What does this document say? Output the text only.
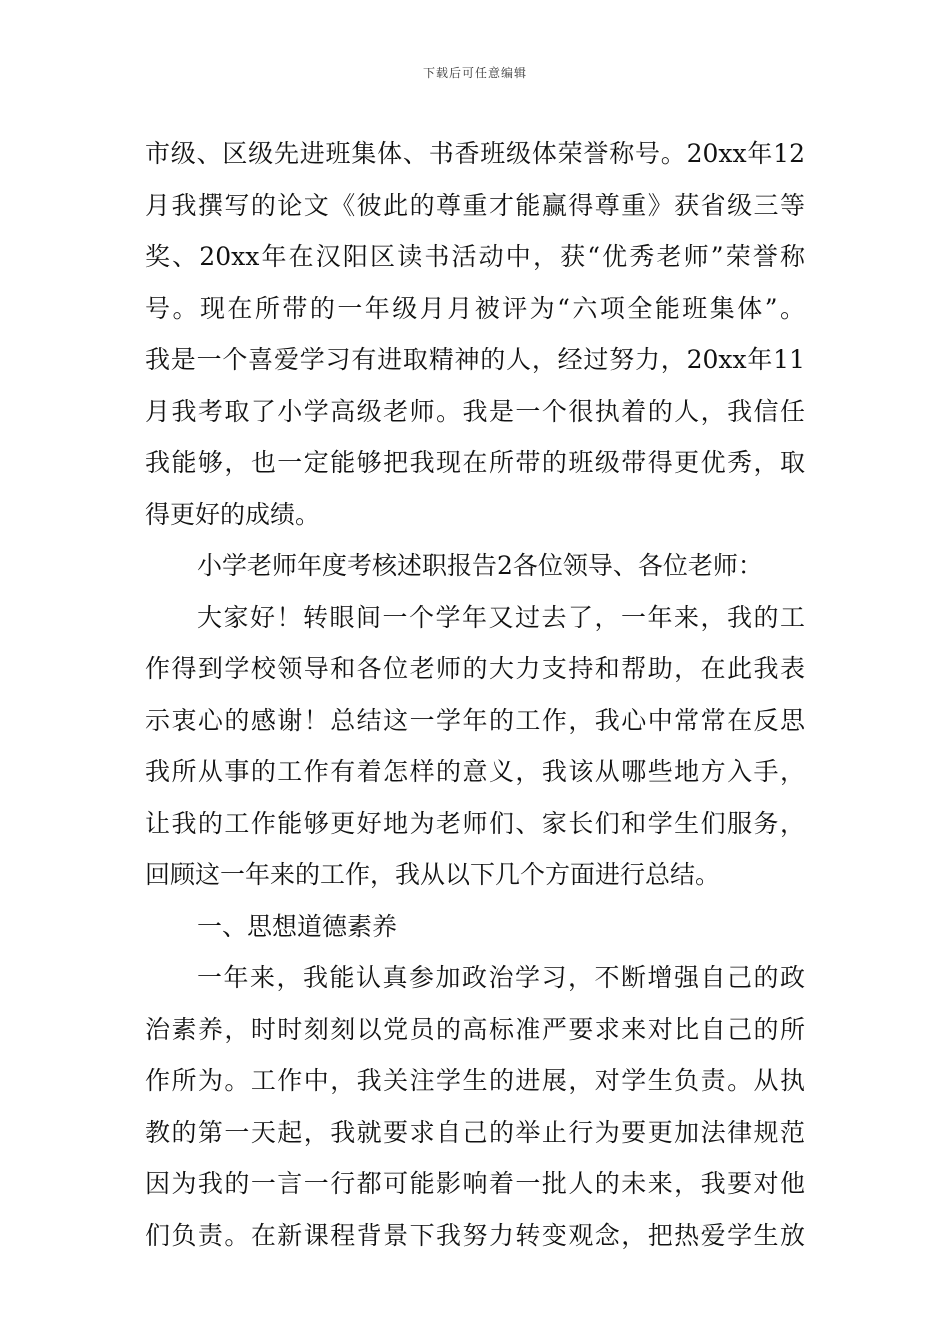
下载后可任意编辑

市级、区级先进班集体、书香班级体荣誉称号。20xx年12
月我撰写的论文《彼此的尊重才能赢得尊重》获省级三等
奖、20xx年在汉阳区读书活动中，获“优秀老师”荣誉称
号。现在所带的一年级月月被评为“六项全能班集体”。
我是一个喜爱学习有进取精神的人，经过努力，20xx年11
月我考取了小学高级老师。我是一个很执着的人，我信任
我能够，也一定能够把我现在所带的班级带得更优秀，取
得更好的成绩。

小学老师年度考核述职报告2各位领导、各位老师：

大家好！转眼间一个学年又过去了，一年来，我的工
作得到学校领导和各位老师的大力支持和帮助，在此我表
示衷心的感谢！总结这一学年的工作，我心中常常在反思
我所从事的工作有着怎样的意义，我该从哪些地方入手，
让我的工作能够更好地为老师们、家长们和学生们服务，
回顾这一年来的工作，我从以下几个方面进行总结。

一、思想道德素养

一年来，我能认真参加政治学习，不断增强自己的政
治素养，时时刻刻以党员的高标准严要求来对比自己的所
作所为。工作中，我关注学生的进展，对学生负责。从执
教的第一天起，我就要求自己的举止行为要更加法律规范
因为我的一言一行都可能影响着一批人的未来，我要对他
们负责。在新课程背景下我努力转变观念，把热爱学生放
